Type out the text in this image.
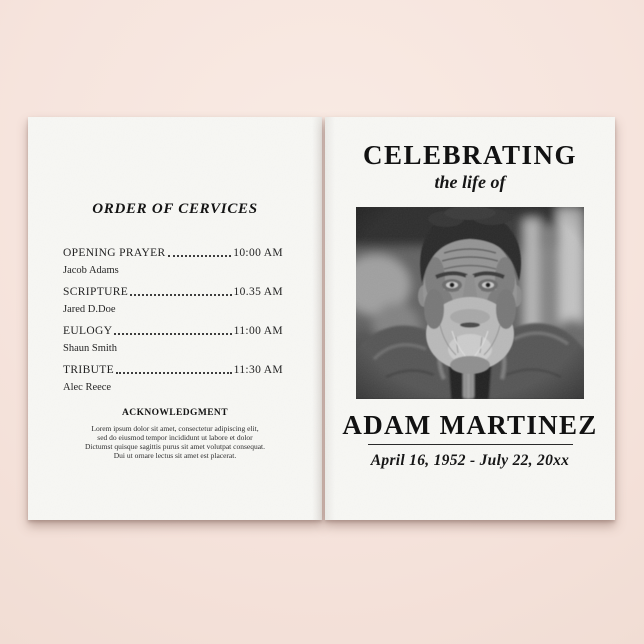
ORDER OF CERVICES
OPENING PRAYER	10:00 AM
Jacob Adams
SCRIPTURE	10.35 AM
Jared D.Doe
EULOGY	11:00 AM
Shaun Smith
TRIBUTE	11:30 AM
Alec Reece
ACKNOWLEDGMENT
Lorem ipsum dolor sit amet, consectetur adipiscing elit,
sed do eiusmod tempor incididunt ut labore et dolor
Dictumst quisque sagittis purus sit amet volutpat consequat.
Dui ut ornare lectus sit amet est placerat.
CELEBRATING
the life of
ADAM MARTINEZ
April 16, 1952 - July 22, 20xx
